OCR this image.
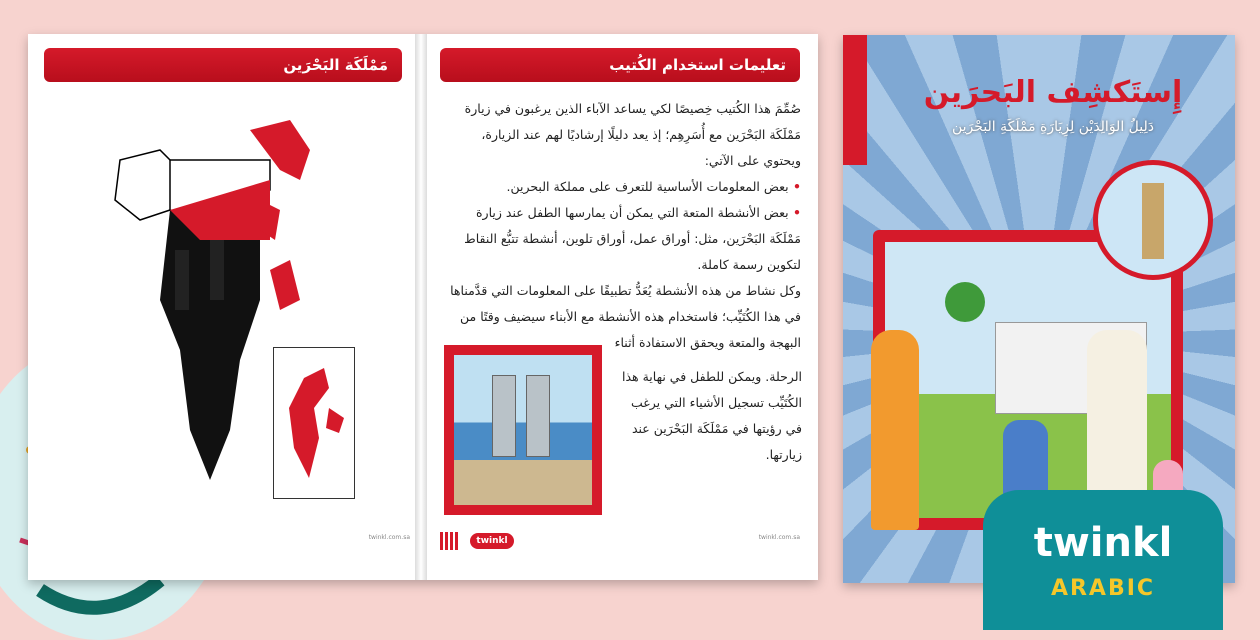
مَمْلَكَة البَحْرَين
twinkl.com.sa
تعليمات استخدام الكُتيب

صُمِّمَ هذا الكُتيب خِصيصًا لكي يساعد الآباء الذين يرغبون في زيارة مَمْلَكَة البَحْرَين مع أُسَرِهِم؛ إذ يعد دليلًا إرشاديًا لهم عند الزيارة، ويحتوي على الآتي:

• بعض المعلومات الأساسية للتعرف على مملكة البحرين.

• بعض الأنشطة المتعة التي يمكن أن يمارسها الطفل عند زيارة مَمْلَكَة البَحْرَين، مثل: أوراق عمل، أوراق تلوين، أنشطة تتبُّع النقاط لتكوين رسمة كاملة.

وكل نشاط من هذه الأنشطة يُعَدُّ تطبيقًا على المعلومات التي قدَّمناها في هذا الكُتَيِّب؛ فاستخدام هذه الأنشطة مع الأبناء سيضيف وقتًا من البهجة والمتعة ويحقق الاستفادة أثناء

الرحلة. ويمكن للطفل في نهاية هذا الكُتَيِّب تسجيل الأشياء التي يرغب في رؤيتها في مَمْلَكَة البَحْرَين عند زيارتها.

twinkl	twinkl.com.sa
إِستَكشِف البَحرَين
دَلِيلُ الوَالِدَيْن لِزِيَارَةِ مَمْلَكَةِ البَحْرَين
twinkl
ARABIC
